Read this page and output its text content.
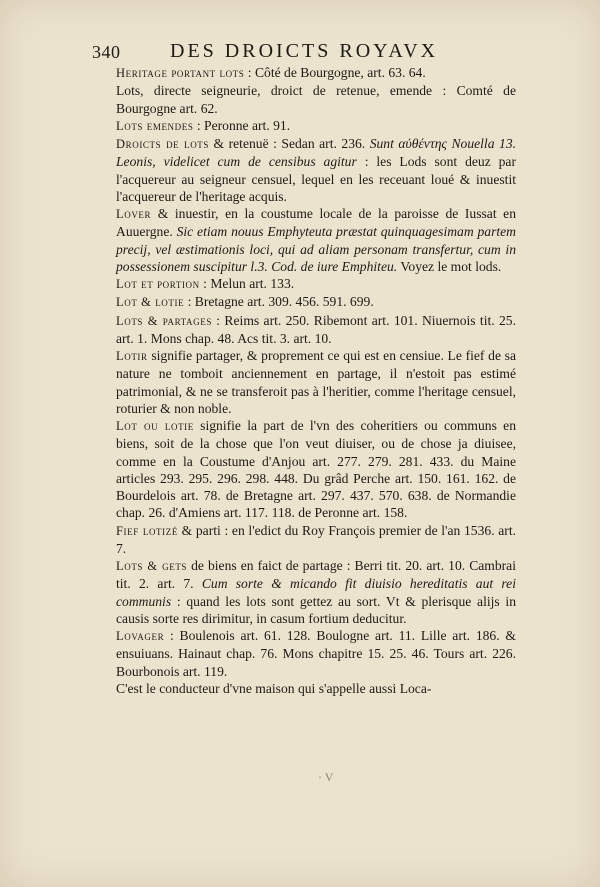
340 DES DROICTS ROYAVX

Heritage portant lots : Côté de Bourgogne, art. 63. 64.

Lots, directe seigneurie, droict de retenue, emende : Comté de Bourgogne art. 62.

Lots emendes : Peronne art. 91.

Droicts de lots & retenuë : Sedan art. 236. Sunt αὐθέντης Nouella 13. Leonis, videlicet cum de censibus agitur : les Lods sont deuz par l'acquereur au seigneur censuel, lequel en les receuant loué & inuestit l'acquereur de l'heritage acquis.

Lover & inuestir, en la coustume locale de la paroisse de Iussat en Auuergne. Sic etiam nouus Emphyteuta præstat quinquagesimam partem precij, vel æstimationis loci, qui ad aliam personam transfertur, cum in possessionem suscipitur l.3. Cod. de iure Emphiteu. Voyez le mot lods.

Lot et portion : Melun art. 133.

Lot & lotie : Bretagne art. 309. 456. 591. 699.

Lots & partages : Reims art. 250. Ribemont art. 101. Niuernois tit. 25. art. 1. Mons chap. 48. Acs tit. 3. art. 10.

Lotir signifie partager, & proprement ce qui est en censiue. Le fief de sa nature ne tomboit anciennement en partage, il n'estoit pas estimé patrimonial, & ne se transferoit pas à l'heritier, comme l'heritage censuel, roturier & non noble.

Lot ou lotie signifie la part de l'vn des coheritiers ou communs en biens, soit de la chose que l'on veut diuiser, ou de chose ja diuisee, comme en la Coustume d'Anjou art. 277. 279. 281. 433. du Maine articles 293. 295. 296. 298. 448. Du grâd Perche art. 150. 161. 162. de Bourdelois art. 78. de Bretagne art. 297. 437. 570. 638. de Normandie chap. 26. d'Amiens art. 117. 118. de Peronne art. 158.

Fief lotizé & parti : en l'edict du Roy François premier de l'an 1536. art. 7.

Lots & gets de biens en faict de partage : Berri tit. 20. art. 10. Cambrai tit. 2. art. 7. Cum sorte & micando fit diuisio hereditatis aut rei communis : quand les lots sont gettez au sort. Vt & plerisque alijs in causis sorte res dirimitur, in casum fortium deducitur.

Lovager : Boulenois art. 61. 128. Boulogne art. 11. Lille art. 186. & ensuiuans. Hainaut chap. 76. Mons chapitre 15. 25. 46. Tours art. 226. Bourbonois art. 119.

C'est le conducteur d'vne maison qui s'appelle aussi Loca-

· V
